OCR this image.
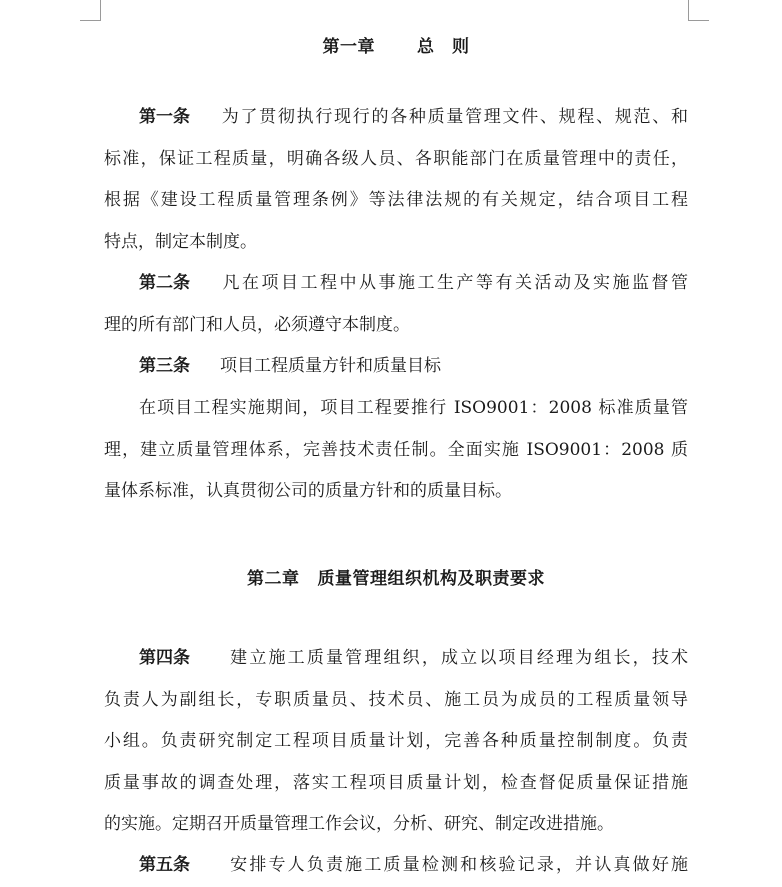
第一章 总　则
第一条 为了贯彻执行现行的各种质量管理文件、规程、规范、和
标准，保证工程质量，明确各级人员、各职能部门在质量管理中的责任，
根据《建设工程质量管理条例》等法律法规的有关规定，结合项目工程
特点，制定本制度。
第二条 凡在项目工程中从事施工生产等有关活动及实施监督管
理的所有部门和人员，必须遵守本制度。
第三条 项目工程质量方针和质量目标
在项目工程实施期间，项目工程要推行 ISO9001：2008 标准质量管
理，建立质量管理体系，完善技术责任制。全面实施 ISO9001：2008 质
量体系标准，认真贯彻公司的质量方针和的质量目标。
第二章 质量管理组织机构及职责要求
第四条 建立施工质量管理组织，成立以项目经理为组长，技术
负责人为副组长，专职质量员、技术员、施工员为成员的工程质量领导
小组。负责研究制定工程项目质量计划，完善各种质量控制制度。负责
质量事故的调查处理，落实工程项目质量计划，检查督促质量保证措施
的实施。定期召开质量管理工作会议，分析、研究、制定改进措施。
第五条 安排专人负责施工质量检测和核验记录，并认真做好施
